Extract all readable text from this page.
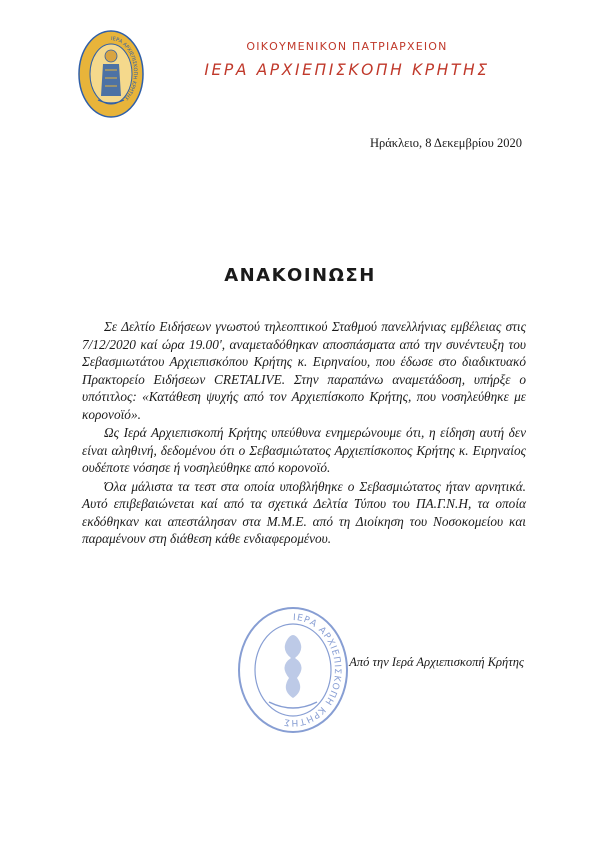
ΙΕΡΑ ΑΡΧΙΕΠΙΣΚΟΠΗ ΚΡΗΤΗΣ

ΟΙΚΟΥΜΕΝΙΚΟΝ ΠΑΤΡΙΑΡΧΕΙΟΝ

ΙΕΡΑ ΑΡΧΙΕΠΙΣΚΟΠΗ ΚΡΗΤΗΣ

Ηράκλειο, 8 Δεκεμβρίου 2020
ΑΝΑΚΟΙΝΩΣΗ

Σε Δελτίο Ειδήσεων γνωστού τηλεοπτικού Σταθμού πανελλήνιας εμβέλειας στις 7/12/2020 καί ώρα 19.00', αναμεταδόθηκαν αποσπάσματα από την συνέντευξη του Σεβασμιωτάτου Αρχιεπισκόπου Κρήτης κ. Ειρηναίου, που έδωσε στο διαδικτυακό Πρακτορείο Ειδήσεων CRETALIVE. Στην παραπάνω αναμετάδοση, υπήρξε ο υπότιτλος: «Κατάθεση ψυχής από τον Αρχιεπίσκοπο Κρήτης, που νοσηλεύθηκε με κορονοϊό».

Ως Ιερά Αρχιεπισκοπή Κρήτης υπεύθυνα ενημερώνουμε ότι, η είδηση αυτή δεν είναι αληθινή, δεδομένου ότι ο Σεβασμιώτατος Αρχιεπίσκοπος Κρήτης κ. Ειρηναίος ουδέποτε νόσησε ή νοσηλεύθηκε από κορονοϊό.

Όλα μάλιστα τα τεστ στα οποία υποβλήθηκε ο Σεβασμιώτατος ήταν αρνητικά. Αυτό επιβεβαιώνεται καί από τα σχετικά Δελτία Τύπου του ΠΑ.Γ.Ν.Η, τα οποία εκδόθηκαν και απεστάλησαν στα Μ.Μ.Ε. από τη Διοίκηση του Νοσοκομείου και παραμένουν στη διάθεση κάθε ενδιαφερομένου.

ΙΕΡΑ ΑΡΧΙΕΠΙΣΚΟΠΗ ΚΡΗΤΗΣ
Από την Ιερά Αρχιεπισκοπή Κρήτης
